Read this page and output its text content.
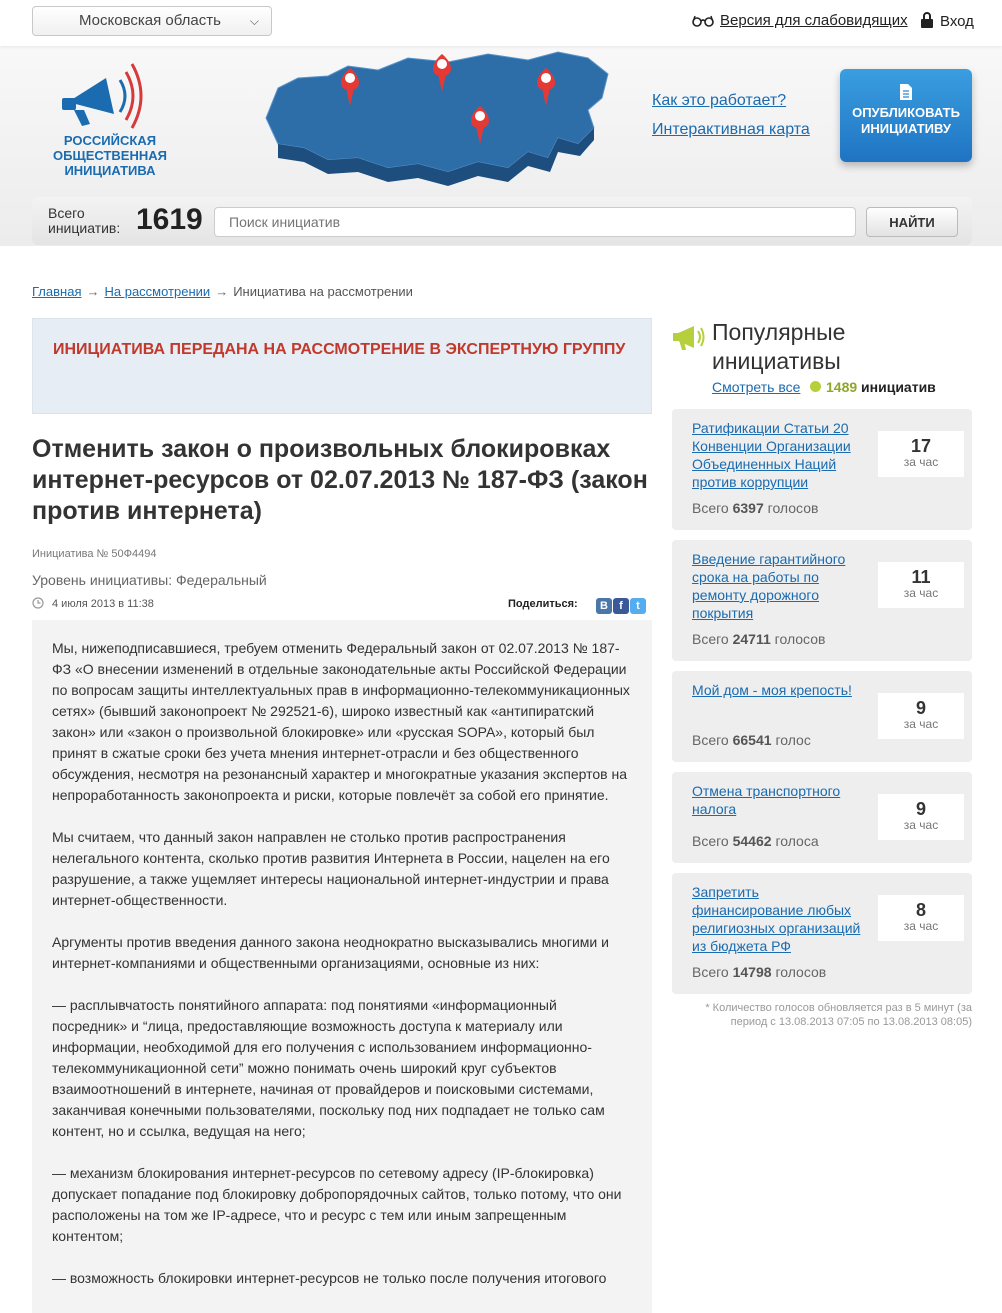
Московская область ⌵	Версия для слабовидящих	Вход
РОССИЙСКАЯ ОБЩЕСТВЕННАЯ ИНИЦИАТИВА
Как это работает?
Интерактивная карта
ОПУБЛИКОВАТЬ ИНИЦИАТИВУ
Всего инициатив: 1619
Поиск инициатив	НАЙТИ
Главная → На рассмотрении → Инициатива на рассмотрении
ИНИЦИАТИВА ПЕРЕДАНА НА РАССМОТРЕНИЕ В ЭКСПЕРТНУЮ ГРУППУ
Отменить закон о произвольных блокировках интернет-ресурсов от 02.07.2013 № 187-ФЗ (закон против интернета)
Инициатива № 50Ф4494
Уровень инициативы: Федеральный
4 июля 2013 в 11:38	Поделиться:	B f t

Мы, нижеподписавшиеся, требуем отменить Федеральный закон от 02.07.2013 № 187-ФЗ «О внесении изменений в отдельные законодательные акты Российской Федерации по вопросам защиты интеллектуальных прав в информационно-телекоммуникационных сетях» (бывший законопроект № 292521-6), широко известный как «антипиратский закон» или «закон о произвольной блокировке» или «русская SOPA», который был принят в сжатые сроки без учета мнения интернет-отрасли и без общественного обсуждения, несмотря на резонансный характер и многократные указания экспертов на непроработанность законопроекта и риски, которые повлечёт за собой его принятие.

Мы считаем, что данный закон направлен не столько против распространения нелегального контента, сколько против развития Интернета в России, нацелен на его разрушение, а также ущемляет интересы национальной интернет-индустрии и права интернет-общественности.

Аргументы против введения данного закона неоднократно высказывались многими и интернет-компаниями и общественными организациями, основные из них:

— расплывчатость понятийного аппарата: под понятиями «информационный посредник» и “лица, предоставляющие возможность доступа к материалу или информации, необходимой для его получения с использованием информационно-телекоммуникационной сети” можно понимать очень широкий круг субъектов взаимоотношений в интернете, начиная от провайдеров и поисковыми системами, заканчивая конечными пользователями, поскольку под них подпадает не только сам контент, но и ссылка, ведущая на него;

— механизм блокирования интернет-ресурсов по сетевому адресу (IP-блокировка) допускает попадание под блокировку добропорядочных сайтов, только потому, что они расположены на том же IP-адресе, что и ресурс с тем или иным запрещенным контентом;

— возможность блокировки интернет-ресурсов не только после получения итогового

Популярные инициативы
Смотреть все 1489 инициатив
Ратификации Статьи 20 Конвенции Организации Объединенных Наций против коррупции
Всего 6397 голосов
17
за час
Введение гарантийного срока на работы по ремонту дорожного покрытия
Всего 24711 голосов
11
за час
Мой дом - моя крепость!
Всего 66541 голос
9
за час
Отмена транспортного налога
Всего 54462 голоса
9
за час
Запретить финансирование любых религиозных организаций из бюджета РФ
Всего 14798 голосов
8
за час
* Количество голосов обновляется раз в 5 минут (за период с 13.08.2013 07:05 по 13.08.2013 08:05)
